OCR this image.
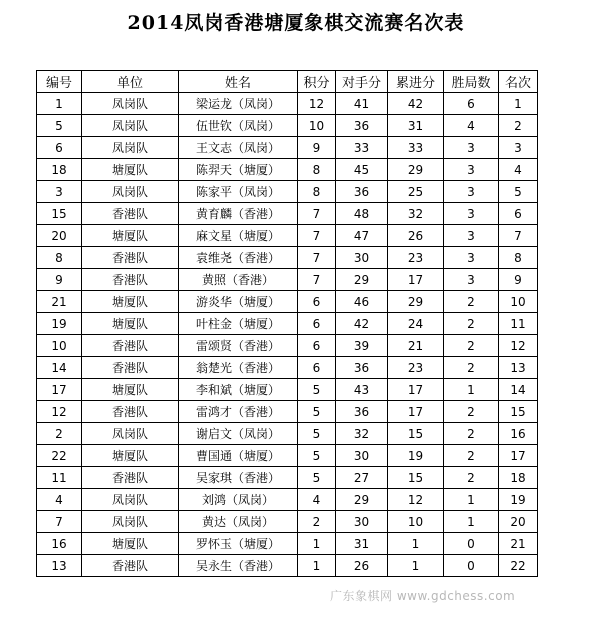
2014凤岗香港塘厦象棋交流赛名次表
编号	单位	姓名	积分	对手分	累进分	胜局数	名次
1	凤岗队	梁运龙（凤岗）	12	41	42	6	1
5	凤岗队	伍世钦（凤岗）	10	36	31	4	2
6	凤岗队	王文志（凤岗）	9	33	33	3	3
18	塘厦队	陈羿天（塘厦）	8	45	29	3	4
3	凤岗队	陈家平（凤岗）	8	36	25	3	5
15	香港队	黄育麟（香港）	7	48	32	3	6
20	塘厦队	麻文星（塘厦）	7	47	26	3	7
8	香港队	袁维尧（香港）	7	30	23	3	8
9	香港队	黄照（香港）	7	29	17	3	9
21	塘厦队	游炎华（塘厦）	6	46	29	2	10
19	塘厦队	叶柱金（塘厦）	6	42	24	2	11
10	香港队	雷颂贤（香港）	6	39	21	2	12
14	香港队	翁楚光（香港）	6	36	23	2	13
17	塘厦队	李和斌（塘厦）	5	43	17	1	14
12	香港队	雷鸿才（香港）	5	36	17	2	15
2	凤岗队	谢启文（凤岗）	5	32	15	2	16
22	塘厦队	曹国通（塘厦）	5	30	19	2	17
11	香港队	吴家琪（香港）	5	27	15	2	18
4	凤岗队	刘鸿（凤岗）	4	29	12	1	19
7	凤岗队	黄达（凤岗）	2	30	10	1	20
16	塘厦队	罗怀玉（塘厦）	1	31	1	0	21
13	香港队	吴永生（香港）	1	26	1	0	22
广东象棋网 www.gdchess.com
